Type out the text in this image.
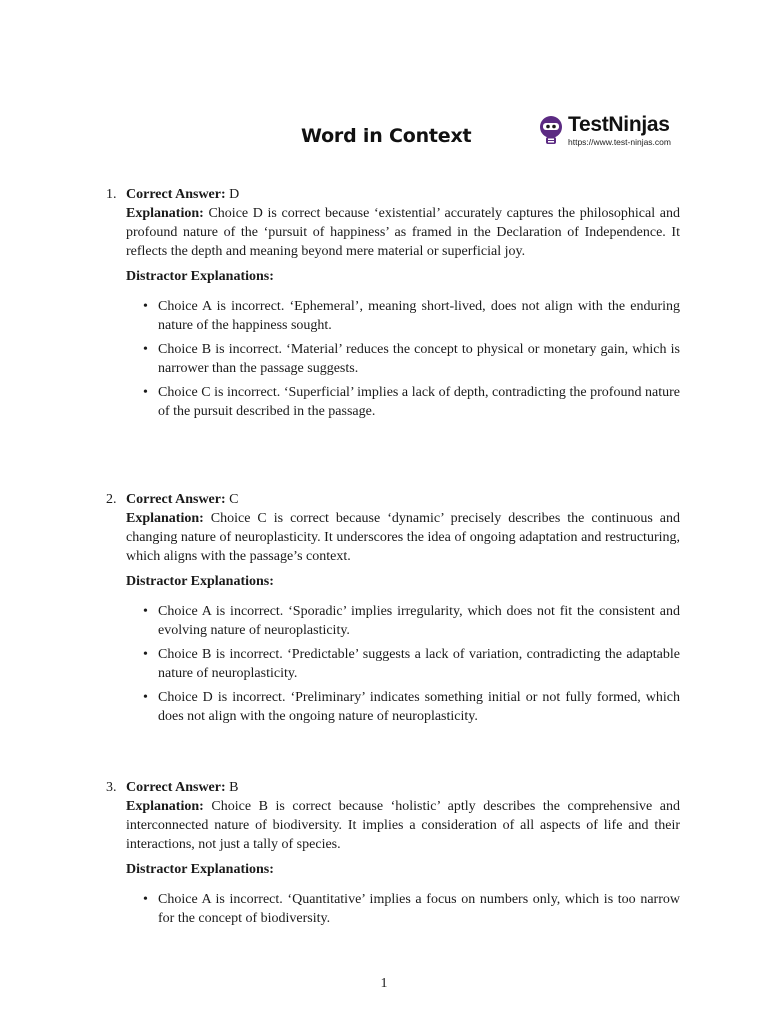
Word in Context	TestNinjas
https://www.test-ninjas.com
1. Correct Answer: D
Explanation: Choice D is correct because ‘existential’ accurately captures the philosophical and profound nature of the ‘pursuit of happiness’ as framed in the Declaration of Independence. It reflects the depth and meaning beyond mere material or superficial joy.
Distractor Explanations:
• Choice A is incorrect. ‘Ephemeral’, meaning short-lived, does not align with the enduring nature of the happiness sought.
• Choice B is incorrect. ‘Material’ reduces the concept to physical or monetary gain, which is narrower than the passage suggests.
• Choice C is incorrect. ‘Superficial’ implies a lack of depth, contradicting the profound nature of the pursuit described in the passage.
2. Correct Answer: C
Explanation: Choice C is correct because ‘dynamic’ precisely describes the continuous and changing nature of neuroplasticity. It underscores the idea of ongoing adaptation and restructuring, which aligns with the passage’s context.
Distractor Explanations:
• Choice A is incorrect. ‘Sporadic’ implies irregularity, which does not fit the consistent and evolving nature of neuroplasticity.
• Choice B is incorrect. ‘Predictable’ suggests a lack of variation, contradicting the adaptable nature of neuroplasticity.
• Choice D is incorrect. ‘Preliminary’ indicates something initial or not fully formed, which does not align with the ongoing nature of neuroplasticity.
3. Correct Answer: B
Explanation: Choice B is correct because ‘holistic’ aptly describes the comprehensive and interconnected nature of biodiversity. It implies a consideration of all aspects of life and their interactions, not just a tally of species.
Distractor Explanations:
• Choice A is incorrect. ‘Quantitative’ implies a focus on numbers only, which is too narrow for the concept of biodiversity.
1
